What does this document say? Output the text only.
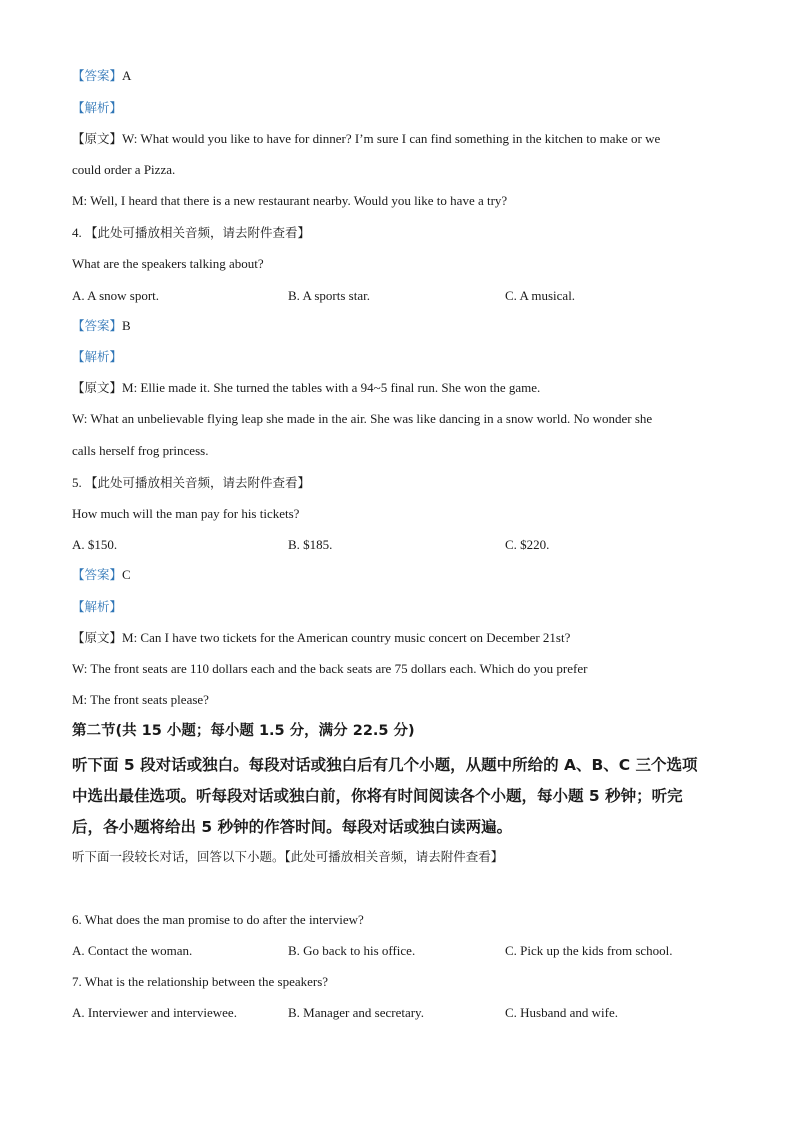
【答案】A
【解析】
【原文】W: What would you like to have for dinner? I’m sure I can find something in the kitchen to make or we
could order a Pizza.
M: Well, I heard that there is a new restaurant nearby. Would you like to have a try?
4. 【此处可播放相关音频，请去附件查看】
What are the speakers talking about?
A. A snow sport.	B. A sports star.	C. A musical.
【答案】B
【解析】
【原文】M: Ellie made it. She turned the tables with a 94~5 final run. She won the game.
W: What an unbelievable flying leap she made in the air. She was like dancing in a snow world. No wonder she
calls herself frog princess.
5. 【此处可播放相关音频，请去附件查看】
How much will the man pay for his tickets?
A. $150.	B. $185.	C. $220.
【答案】C
【解析】
【原文】M: Can I have two tickets for the American country music concert on December 21st?
W: The front seats are 110 dollars each and the back seats are 75 dollars each. Which do you prefer
M: The front seats please?
第二节(共 15 小题；每小题 1.5 分，满分 22.5 分)
听下面 5 段对话或独白。每段对话或独白后有几个小题，从题中所给的 A、B、C 三个选项
中选出最佳选项。听每段对话或独白前，你将有时间阅读各个小题，每小题 5 秒钟；听完
后，各小题将给出 5 秒钟的作答时间。每段对话或独白读两遍。
听下面一段较长对话，回答以下小题。【此处可播放相关音频，请去附件查看】
6. What does the man promise to do after the interview?
A. Contact the woman.	B. Go back to his office.	C. Pick up the kids from school.
7. What is the relationship between the speakers?
A. Interviewer and interviewee.	B. Manager and secretary.	C. Husband and wife.
